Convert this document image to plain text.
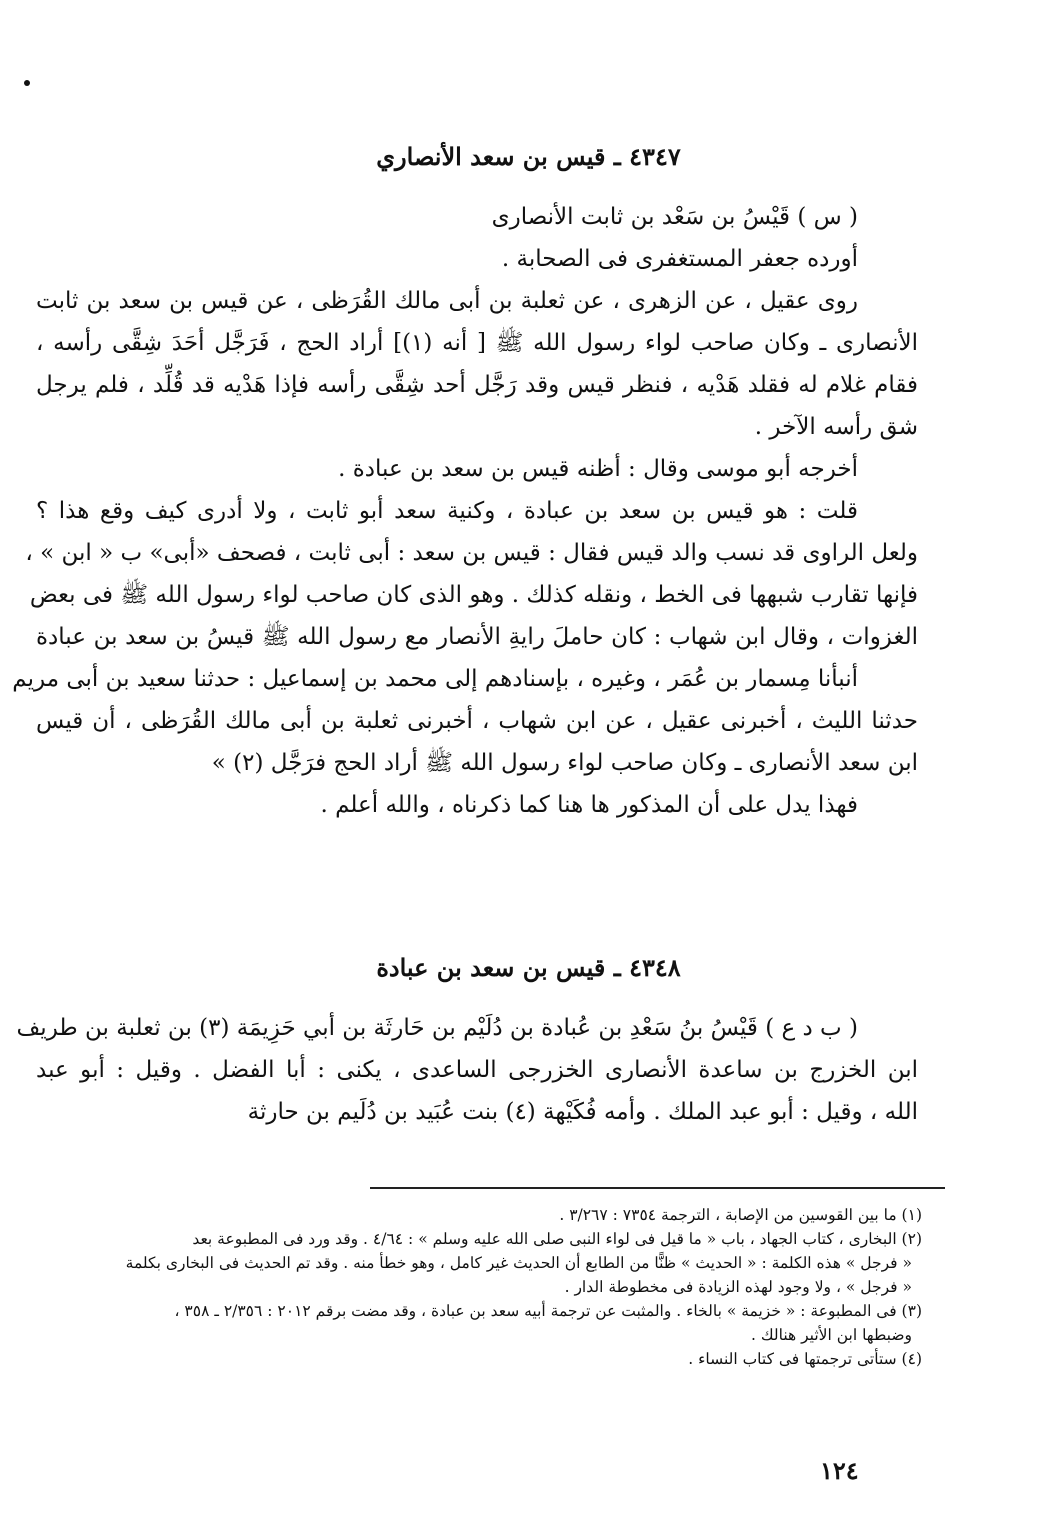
٤٣٤٧ ـ قيس بن سعد الأنصاري
( س ) قَيْسُ بن سَعْد بن ثابت الأنصارى
أورده جعفر المستغفرى فى الصحابة .
روى عقيل ، عن الزهرى ، عن ثعلبة بن أبى مالك القُرَظى ، عن قيس بن سعد بن ثابت
الأنصارى ـ وكان صاحب لواء رسول الله ﷺ [ أنه (١)] أراد الحج ، فَرَجَّل أحَدَ شِقَّى رأسه ،
فقام غلام له فقلد هَدْيه ، فنظر قيس وقد رَجَّل أحد شِقَّى رأسه فإذا هَدْيه قد قُلِّد ، فلم يرجل
شق رأسه الآخر .
أخرجه أبو موسى وقال : أظنه قيس بن سعد بن عبادة .
قلت : هو قيس بن سعد بن عبادة ، وكنية سعد أبو ثابت ، ولا أدرى كيف وقع هذا ؟
ولعل الراوى قد نسب والد قيس فقال : قيس بن سعد : أبى ثابت ، فصحف «أبى» ب « ابن » ،
فإنها تقارب شبهها فى الخط ، ونقله كذلك . وهو الذى كان صاحب لواء رسول الله ﷺ فى بعض
الغزوات ، وقال ابن شهاب : كان حاملَ رايةِ الأنصار مع رسول الله ﷺ قيسُ بن سعد بن عبادة
أنبأنا مِسمار بن عُمَر ، وغيره ، بإسنادهم إلى محمد بن إسماعيل : حدثنا سعيد بن أبى مريم
حدثنا الليث ، أخبرنى عقيل ، عن ابن شهاب ، أخبرنى ثعلبة بن أبى مالك القُرَظى ، أن قيس
ابن سعد الأنصارى ـ وكان صاحب لواء رسول الله ﷺ أراد الحج فرَجَّل (٢) »
فهذا يدل على أن المذكور ها هنا كما ذكرناه ، والله أعلم .
٤٣٤٨ ـ قيس بن سعد بن عبادة
( ب د ع ) قَيْسُ بنُ سَعْدِ بن عُبادة بن دُلَيْم بن حَارثَة بن أبي حَزِيمَة (٣) بن ثعلبة بن طريف
ابن الخزرج بن ساعدة الأنصارى الخزرجى الساعدى ، يكنى : أبا الفضل . وقيل : أبو عبد
الله ، وقيل : أبو عبد الملك . وأمه فُكَيْهة (٤) بنت عُبَيد بن دُلَيم بن حارثة
(١) ما بين القوسين من الإصابة ، الترجمة ٧٣٥٤ : ٣/٢٦٧ .
(٢) البخارى ، كتاب الجهاد ، باب « ما قيل فى لواء النبى صلى الله عليه وسلم » : ٤/٦٤ . وقد ورد فى المطبوعة بعد
« فرجل » هذه الكلمة : « الحديث » ظنًّا من الطابع أن الحديث غير كامل ، وهو خطأ منه . وقد تم الحديث فى البخارى بكلمة
« فرجل » ، ولا وجود لهذه الزيادة فى مخطوطة الدار .
(٣) فى المطبوعة : « خزيمة » بالخاء . والمثبت عن ترجمة أبيه سعد بن عبادة ، وقد مضت برقم ٢٠١٢ : ٢/٣٥٦ ـ ٣٥٨ ،
وضبطها ابن الأثير هنالك .
(٤) ستأتى ترجمتها فى كتاب النساء .
١٢٤
